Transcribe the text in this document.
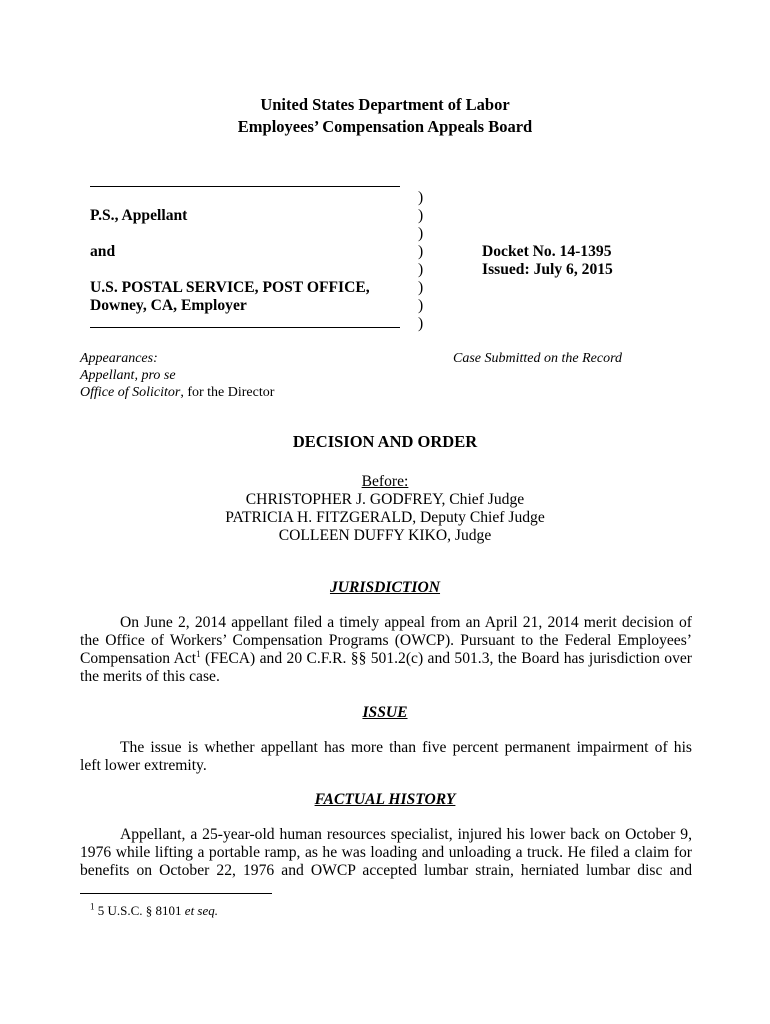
United States Department of Labor
Employees’ Compensation Appeals Board
P.S., Appellant
and
U.S. POSTAL SERVICE, POST OFFICE,
Downey, CA, Employer
)
)
)
)
)
)
)
)
Docket No. 14-1395
Issued: July 6, 2015
Appearances:
Appellant, pro se
Office of Solicitor, for the Director
Case Submitted on the Record
DECISION AND ORDER
Before:
CHRISTOPHER J. GODFREY, Chief Judge
PATRICIA H. FITZGERALD, Deputy Chief Judge
COLLEEN DUFFY KIKO, Judge
JURISDICTION
On June 2, 2014 appellant filed a timely appeal from an April 21, 2014 merit decision of
the Office of Workers’ Compensation Programs (OWCP). Pursuant to the Federal Employees’
Compensation Act$^1$ (FECA) and 20 C.F.R. §§ 501.2(c) and 501.3, the Board has jurisdiction over
the merits of this case.
ISSUE
The issue is whether appellant has more than five percent permanent impairment of his
left lower extremity.
FACTUAL HISTORY
Appellant, a 25-year-old human resources specialist, injured his lower back on October 9,
1976 while lifting a portable ramp, as he was loading and unloading a truck. He filed a claim for
benefits on October 22, 1976 and OWCP accepted lumbar strain, herniated lumbar disc and
$^1$ 5 U.S.C. § 8101 et seq.
